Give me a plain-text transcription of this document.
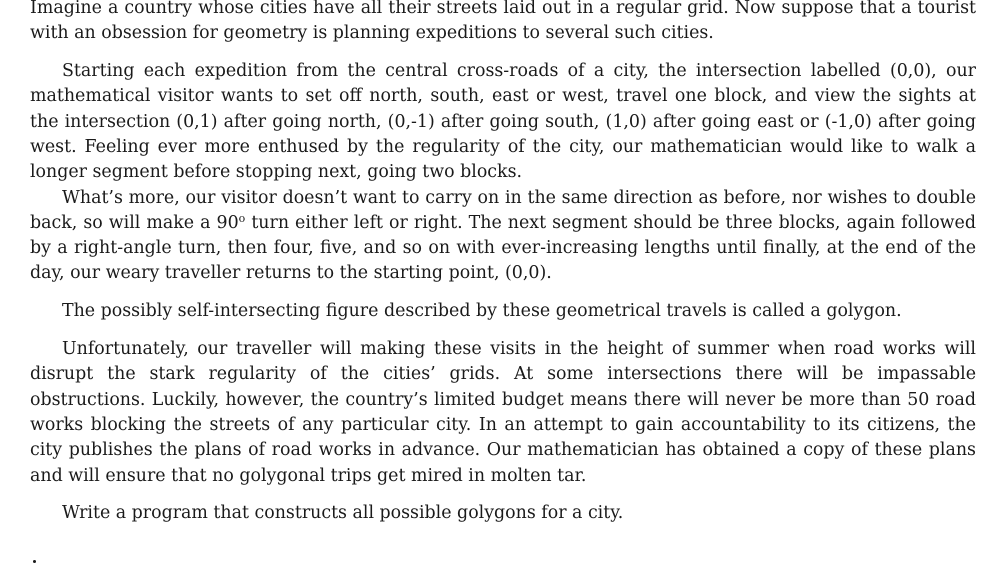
Imagine a country whose cities have all their streets laid out in a regular grid. Now suppose that a tourist with an obsession for geometry is planning expeditions to several such cities.

Starting each expedition from the central cross-roads of a city, the intersection labelled (0,0), our mathematical visitor wants to set off north, south, east or west, travel one block, and view the sights at the intersection (0,1) after going north, (0,-1) after going south, (1,0) after going east or (-1,0) after going west. Feeling ever more enthused by the regularity of the city, our mathematician would like to walk a longer segment before stopping next, going two blocks.

What’s more, our visitor doesn’t want to carry on in the same direction as before, nor wishes to double back, so will make a 90$^o$ turn either left or right. The next segment should be three blocks, again followed by a right-angle turn, then four, five, and so on with ever-increasing lengths until finally, at the end of the day, our weary traveller returns to the starting point, (0,0).

The possibly self-intersecting figure described by these geometrical travels is called a golygon.

Unfortunately, our traveller will making these visits in the height of summer when road works will disrupt the stark regularity of the cities’ grids. At some intersections there will be impassable obstructions. Luckily, however, the country’s limited budget means there will never be more than 50 road works blocking the streets of any particular city. In an attempt to gain accountability to its citizens, the city publishes the plans of road works in advance. Our mathematician has obtained a copy of these plans and will ensure that no golygonal trips get mired in molten tar.

Write a program that constructs all possible golygons for a city.
